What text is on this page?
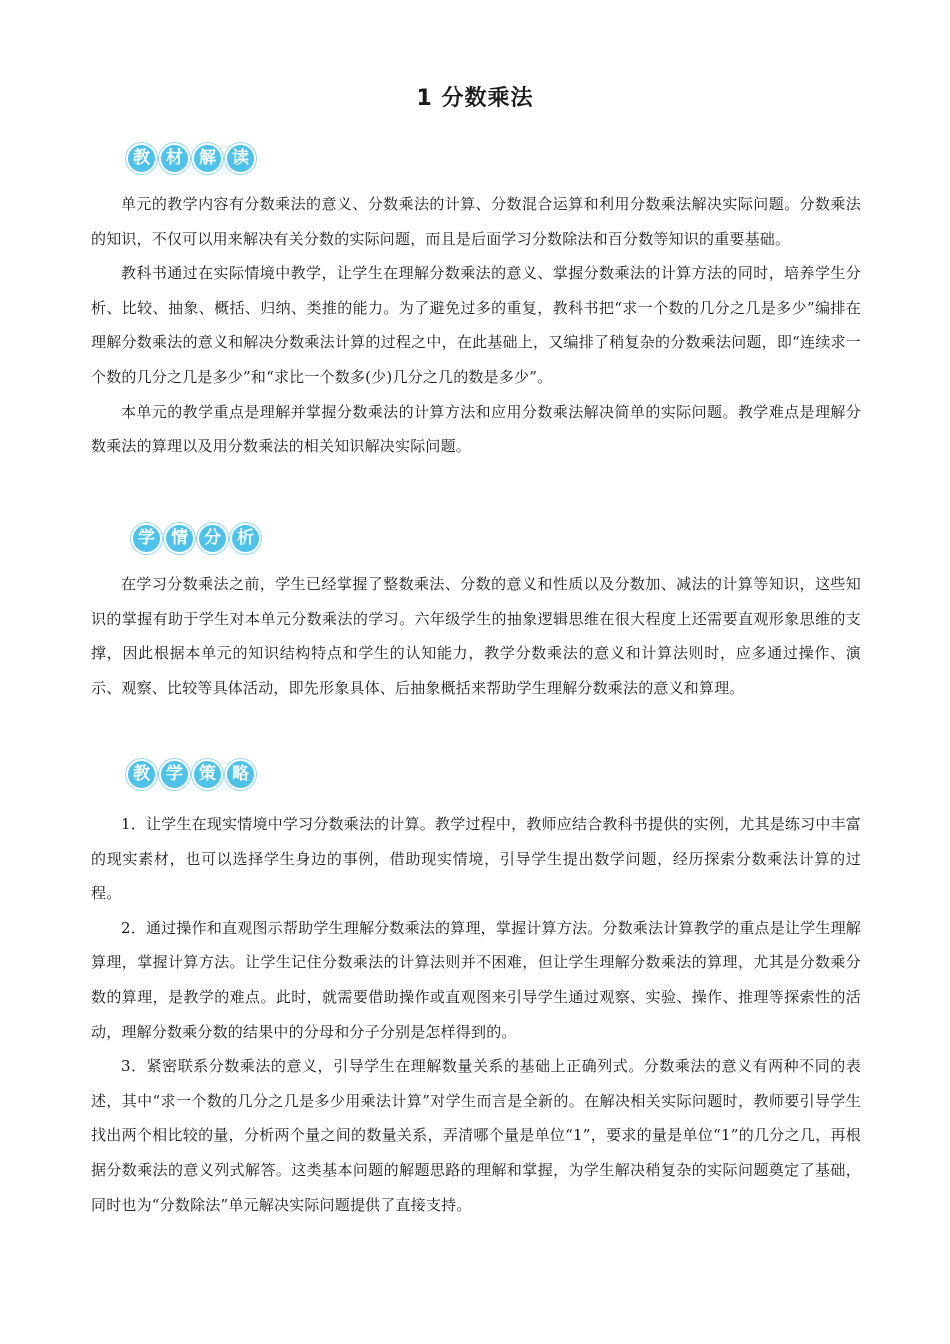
1 分数乘法
教 材 解 读

单元的教学内容有分数乘法的意义、分数乘法的计算、分数混合运算和利用分数乘法解决实际问题。分数乘法的知识，不仅可以用来解决有关分数的实际问题，而且是后面学习分数除法和百分数等知识的重要基础。

教科书通过在实际情境中教学，让学生在理解分数乘法的意义、掌握分数乘法的计算方法的同时，培养学生分析、比较、抽象、概括、归纳、类推的能力。为了避免过多的重复，教科书把“求一个数的几分之几是多少”编排在理解分数乘法的意义和解决分数乘法计算的过程之中，在此基础上，又编排了稍复杂的分数乘法问题，即“连续求一个数的几分之几是多少”和“求比一个数多(少)几分之几的数是多少”。

本单元的教学重点是理解并掌握分数乘法的计算方法和应用分数乘法解决简单的实际问题。教学难点是理解分数乘法的算理以及用分数乘法的相关知识解决实际问题。

学 情 分 析

在学习分数乘法之前，学生已经掌握了整数乘法、分数的意义和性质以及分数加、减法的计算等知识，这些知识的掌握有助于学生对本单元分数乘法的学习。六年级学生的抽象逻辑思维在很大程度上还需要直观形象思维的支撑，因此根据本单元的知识结构特点和学生的认知能力，教学分数乘法的意义和计算法则时，应多通过操作、演示、观察、比较等具体活动，即先形象具体、后抽象概括来帮助学生理解分数乘法的意义和算理。

教 学 策 略

1．让学生在现实情境中学习分数乘法的计算。教学过程中，教师应结合教科书提供的实例，尤其是练习中丰富的现实素材，也可以选择学生身边的事例，借助现实情境，引导学生提出数学问题，经历探索分数乘法计算的过程。

2．通过操作和直观图示帮助学生理解分数乘法的算理，掌握计算方法。分数乘法计算教学的重点是让学生理解算理，掌握计算方法。让学生记住分数乘法的计算法则并不困难，但让学生理解分数乘法的算理，尤其是分数乘分数的算理，是教学的难点。此时，就需要借助操作或直观图来引导学生通过观察、实验、操作、推理等探索性的活动，理解分数乘分数的结果中的分母和分子分别是怎样得到的。

3．紧密联系分数乘法的意义，引导学生在理解数量关系的基础上正确列式。分数乘法的意义有两种不同的表述，其中“求一个数的几分之几是多少用乘法计算”对学生而言是全新的。在解决相关实际问题时，教师要引导学生找出两个相比较的量，分析两个量之间的数量关系，弄清哪个量是单位“1”，要求的量是单位“1”的几分之几，再根据分数乘法的意义列式解答。这类基本问题的解题思路的理解和掌握，为学生解决稍复杂的实际问题奠定了基础，同时也为“分数除法”单元解决实际问题提供了直接支持。
